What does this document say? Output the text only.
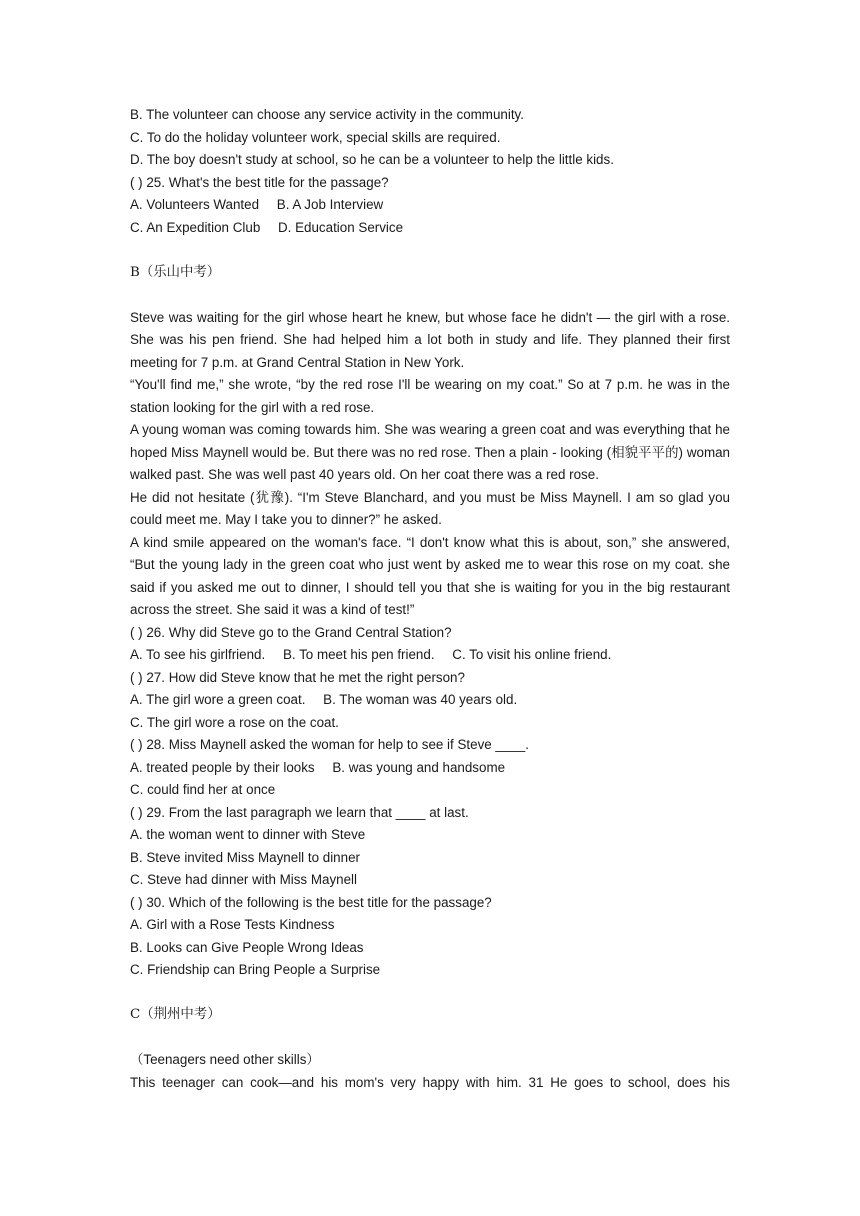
B. The volunteer can choose any service activity in the community.
C. To do the holiday volunteer work, special skills are required.
D. The boy doesn't study at school, so he can be a volunteer to help the little kids.
( ) 25. What's the best title for the passage?
A. Volunteers Wanted B. A Job Interview
C. An Expedition Club D. Education Service
B（乐山中考）
Steve was waiting for the girl whose heart he knew, but whose face he didn't — the girl with a rose. She was his pen friend. She had helped him a lot both in study and life. They planned their first meeting for 7 p.m. at Grand Central Station in New York.
“You'll find me,” she wrote, “by the red rose I'll be wearing on my coat.” So at 7 p.m. he was in the station looking for the girl with a red rose.
A young woman was coming towards him. She was wearing a green coat and was everything that he hoped Miss Maynell would be. But there was no red rose. Then a plain - looking (相貌平平的) woman walked past. She was well past 40 years old. On her coat there was a red rose.
He did not hesitate (犹豫). “I'm Steve Blanchard, and you must be Miss Maynell. I am so glad you could meet me. May I take you to dinner?” he asked.
A kind smile appeared on the woman's face. “I don't know what this is about, son,” she answered, “But the young lady in the green coat who just went by asked me to wear this rose on my coat. she said if you asked me out to dinner, I should tell you that she is waiting for you in the big restaurant across the street. She said it was a kind of test!”
( ) 26. Why did Steve go to the Grand Central Station?
A. To see his girlfriend. B. To meet his pen friend. C. To visit his online friend.
( ) 27. How did Steve know that he met the right person?
A. The girl wore a green coat. B. The woman was 40 years old.
C. The girl wore a rose on the coat.
( ) 28. Miss Maynell asked the woman for help to see if Steve ____.
A. treated people by their looks B. was young and handsome
C. could find her at once
( ) 29. From the last paragraph we learn that ____ at last.
A. the woman went to dinner with Steve
B. Steve invited Miss Maynell to dinner
C. Steve had dinner with Miss Maynell
( ) 30. Which of the following is the best title for the passage?
A. Girl with a Rose Tests Kindness
B. Looks can Give People Wrong Ideas
C. Friendship can Bring People a Surprise
C（荆州中考）
（Teenagers need other skills）
This teenager can cook—and his mom's very happy with him. 31 He goes to school, does his
